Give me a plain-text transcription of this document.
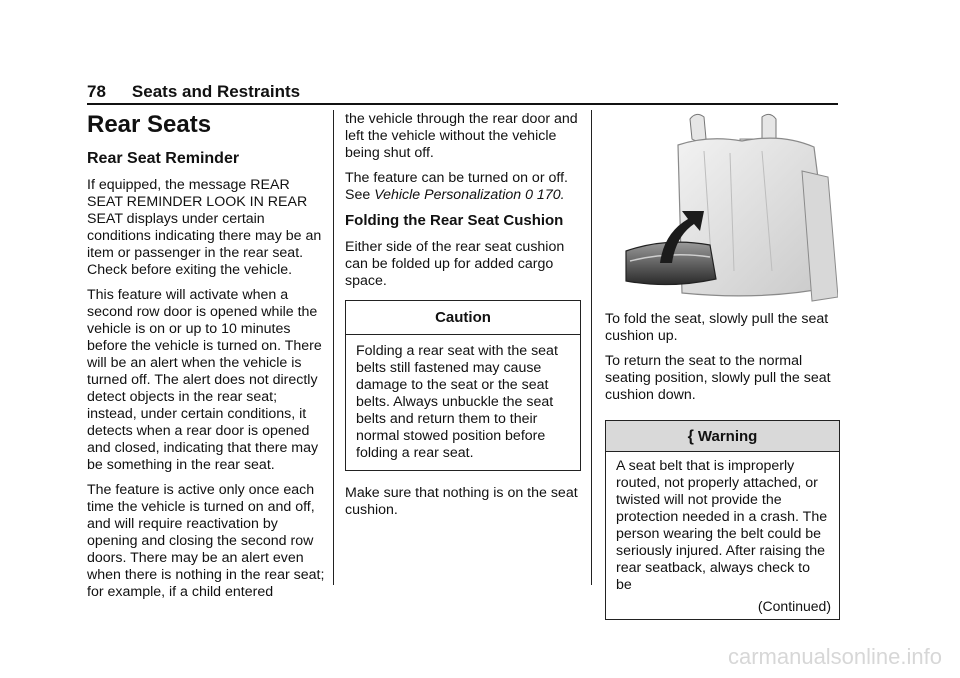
78 Seats and Restraints
Rear Seats
Rear Seat Reminder

If equipped, the message REAR SEAT REMINDER LOOK IN REAR SEAT displays under certain conditions indicating there may be an item or passenger in the rear seat. Check before exiting the vehicle.

This feature will activate when a second row door is opened while the vehicle is on or up to 10 minutes before the vehicle is turned on. There will be an alert when the vehicle is turned off. The alert does not directly detect objects in the rear seat; instead, under certain conditions, it detects when a rear door is opened and closed, indicating that there may be something in the rear seat.

The feature is active only once each time the vehicle is turned on and off, and will require reactivation by opening and closing the second row doors. There may be an alert even when there is nothing in the rear seat; for example, if a child entered

the vehicle through the rear door and left the vehicle without the vehicle being shut off.

The feature can be turned on or off. See Vehicle Personalization 0 170.

Folding the Rear Seat Cushion

Either side of the rear seat cushion can be folded up for added cargo space.

Caution
Folding a rear seat with the seat belts still fastened may cause damage to the seat or the seat belts. Always unbuckle the seat belts and return them to their normal stowed position before folding a rear seat.

Make sure that nothing is on the seat cushion.

To fold the seat, slowly pull the seat cushion up.

To return the seat to the normal seating position, slowly pull the seat cushion down.

{ Warning
A seat belt that is improperly routed, not properly attached, or twisted will not provide the protection needed in a crash. The person wearing the belt could be seriously injured. After raising the rear seatback, always check to be
(Continued)
carmanualsonline.info
